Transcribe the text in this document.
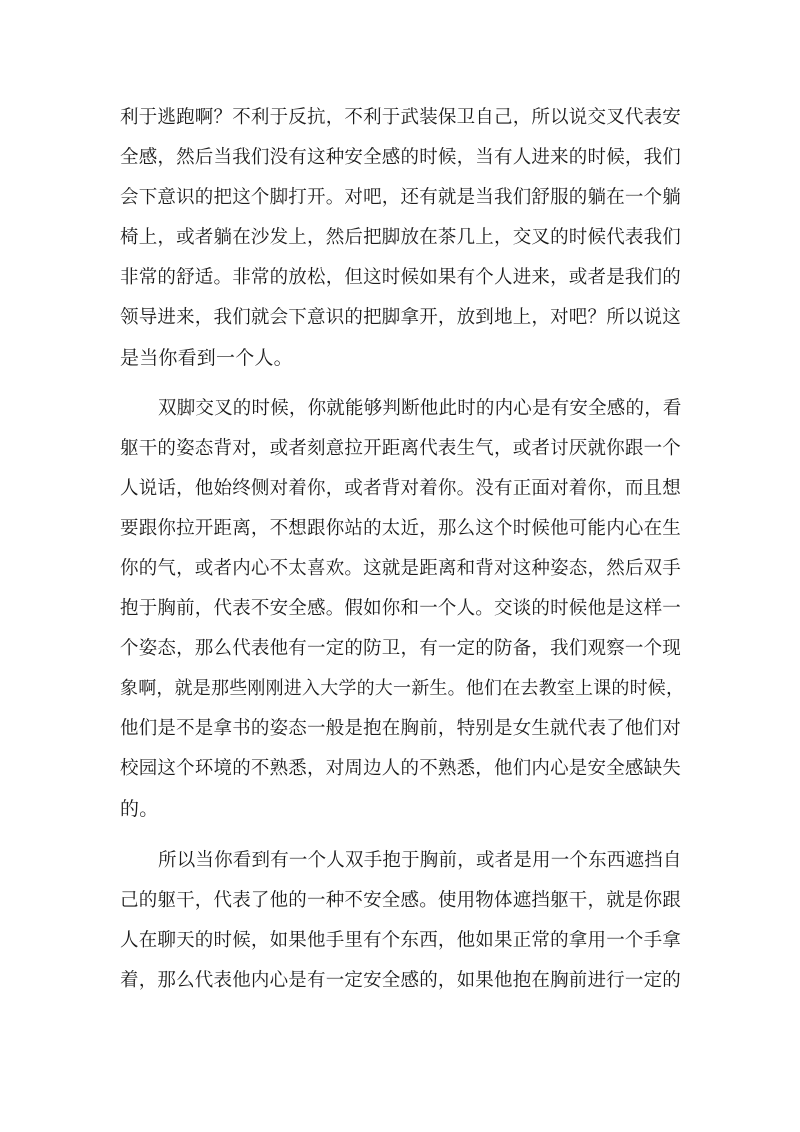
利于逃跑啊？不利于反抗，不利于武装保卫自己，所以说交叉代表安
全感，然后当我们没有这种安全感的时候，当有人进来的时候，我们
会下意识的把这个脚打开。对吧，还有就是当我们舒服的躺在一个躺
椅上，或者躺在沙发上，然后把脚放在茶几上，交叉的时候代表我们
非常的舒适。非常的放松，但这时候如果有个人进来，或者是我们的
领导进来，我们就会下意识的把脚拿开，放到地上，对吧？所以说这
是当你看到一个人。
双脚交叉的时候，你就能够判断他此时的内心是有安全感的，看
躯干的姿态背对，或者刻意拉开距离代表生气，或者讨厌就你跟一个
人说话，他始终侧对着你，或者背对着你。没有正面对着你，而且想
要跟你拉开距离，不想跟你站的太近，那么这个时候他可能内心在生
你的气，或者内心不太喜欢。这就是距离和背对这种姿态，然后双手
抱于胸前，代表不安全感。假如你和一个人。交谈的时候他是这样一
个姿态，那么代表他有一定的防卫，有一定的防备，我们观察一个现
象啊，就是那些刚刚进入大学的大一新生。他们在去教室上课的时候，
他们是不是拿书的姿态一般是抱在胸前，特别是女生就代表了他们对
校园这个环境的不熟悉，对周边人的不熟悉，他们内心是安全感缺失
的。
所以当你看到有一个人双手抱于胸前，或者是用一个东西遮挡自
己的躯干，代表了他的一种不安全感。使用物体遮挡躯干，就是你跟
人在聊天的时候，如果他手里有个东西，他如果正常的拿用一个手拿
着，那么代表他内心是有一定安全感的，如果他抱在胸前进行一定的
